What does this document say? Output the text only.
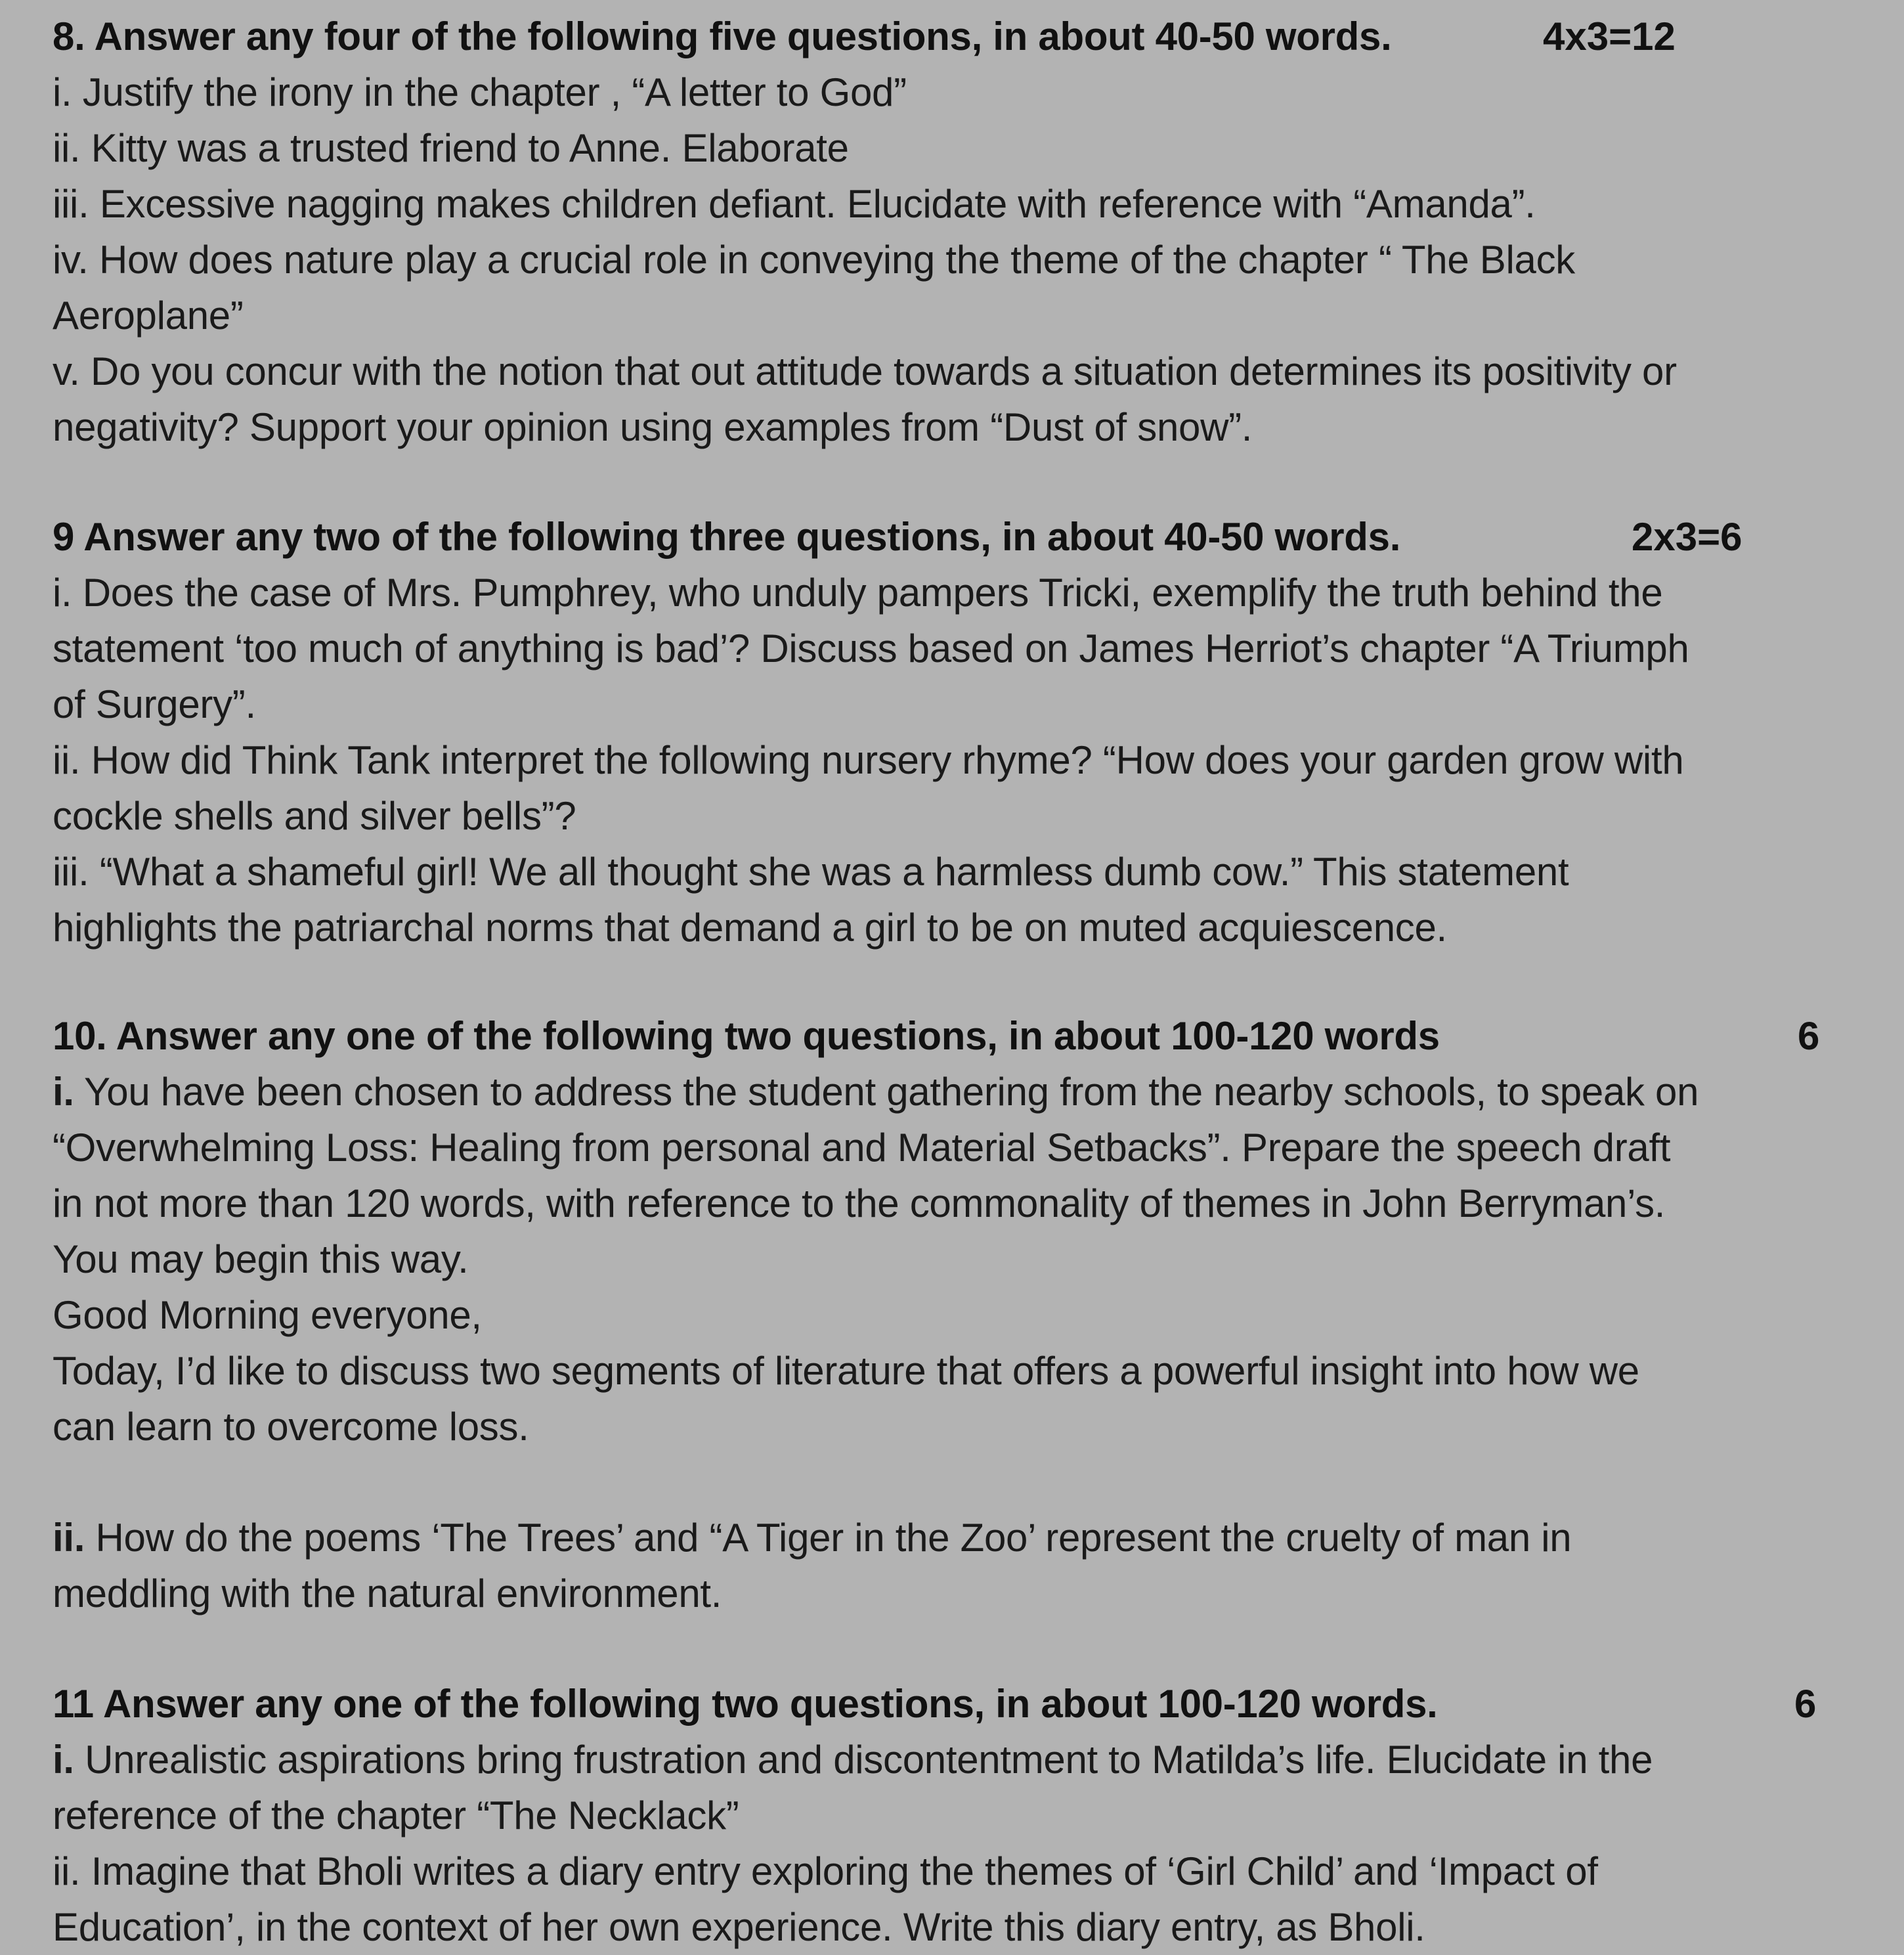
8. Answer any four of the following five questions, in about 40-50 words.	4x3=12
i. Justify the irony in the chapter , “A letter to God”
ii. Kitty was a trusted friend to Anne. Elaborate
iii. Excessive nagging makes children defiant. Elucidate with reference with “Amanda”.
iv. How does nature play a crucial role in conveying the theme of the chapter “ The Black
Aeroplane”
v. Do you concur with the notion that out attitude towards a situation determines its positivity or
negativity? Support your opinion using examples from “Dust of snow”.
9 Answer any two of the following three questions, in about 40-50 words.	2x3=6
i. Does the case of Mrs. Pumphrey, who unduly pampers Tricki, exemplify the truth behind the
statement ‘too much of anything is bad’? Discuss based on James Herriot’s chapter “A Triumph
of Surgery”.
ii. How did Think Tank interpret the following nursery rhyme? “How does your garden grow with
cockle shells and silver bells”?
iii. “What a shameful girl! We all thought she was a harmless dumb cow.” This statement
highlights the patriarchal norms that demand a girl to be on muted acquiescence.
10. Answer any one of the following two questions, in about 100-120 words	6
i. You have been chosen to address the student gathering from the nearby schools, to speak on
“Overwhelming Loss: Healing from personal and Material Setbacks”. Prepare the speech draft
in not more than 120 words, with reference to the commonality of themes in John Berryman’s.
You may begin this way.
Good Morning everyone,
Today, I’d like to discuss two segments of literature that offers a powerful insight into how we
can learn to overcome loss.
ii. How do the poems ‘The Trees’ and “A Tiger in the Zoo’ represent the cruelty of man in
meddling with the natural environment.
11 Answer any one of the following two questions, in about 100-120 words.	6
i. Unrealistic aspirations bring frustration and discontentment to Matilda’s life. Elucidate in the
reference of the chapter “The Necklack”
ii. Imagine that Bholi writes a diary entry exploring the themes of ‘Girl Child’ and ‘Impact of
Education’, in the context of her own experience. Write this diary entry, as Bholi.
